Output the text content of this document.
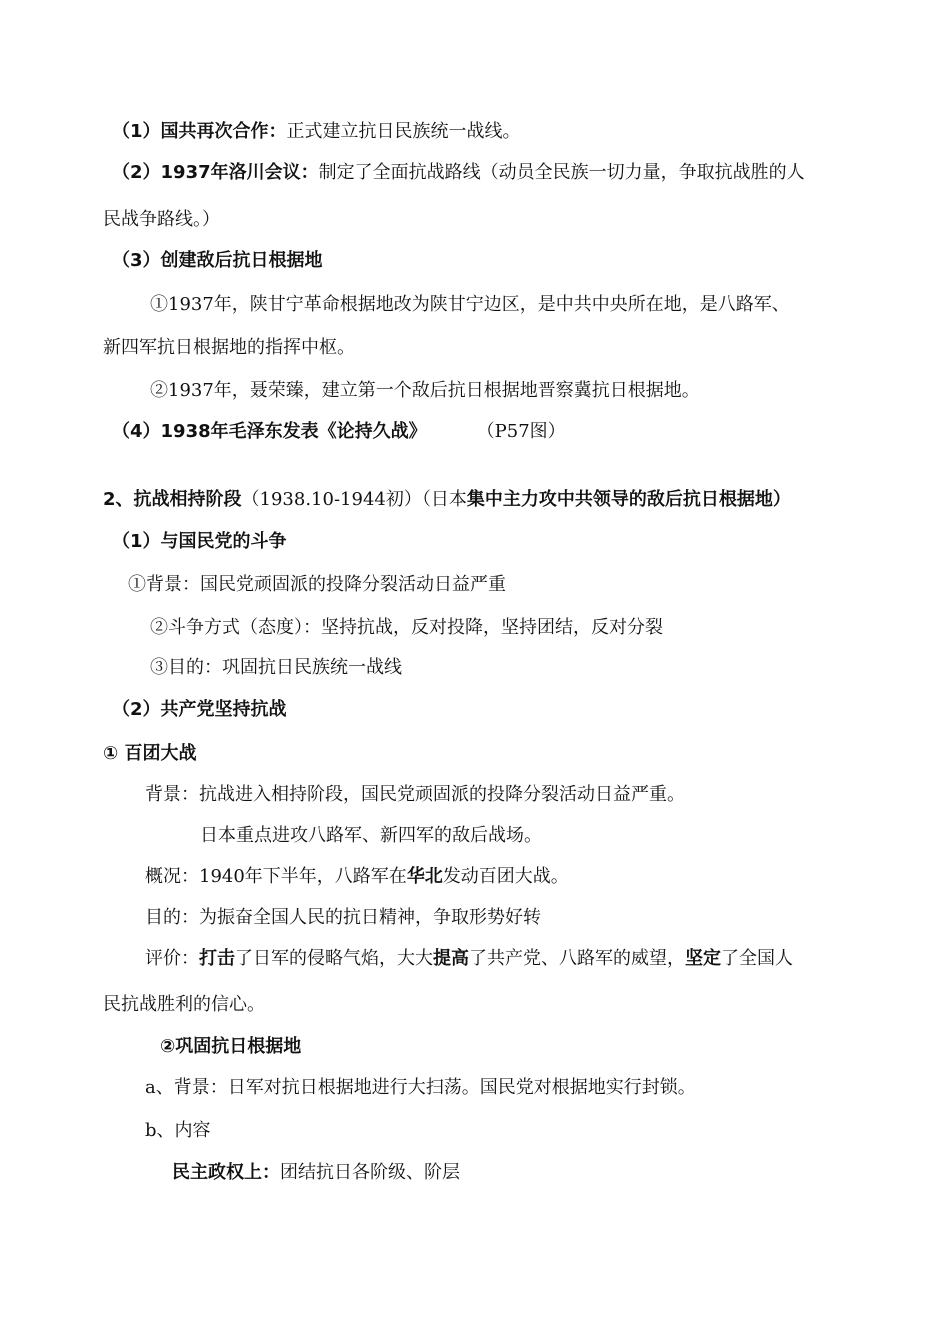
（1）国共再次合作：正式建立抗日民族统一战线。
（2）1937年洛川会议：制定了全面抗战路线（动员全民族一切力量，争取抗战胜的人
民战争路线。）
（3）创建敌后抗日根据地
①1937年，陕甘宁革命根据地改为陕甘宁边区，是中共中央所在地，是八路军、
新四军抗日根据地的指挥中枢。
②1937年，聂荣臻，建立第一个敌后抗日根据地晋察冀抗日根据地。
（4）1938年毛泽东发表《论持久战》	（P57图）
2、抗战相持阶段（1938.10-1944初）（日本集中主力攻中共领导的敌后抗日根据地）
（1）与国民党的斗争
①背景：国民党顽固派的投降分裂活动日益严重
②斗争方式（态度）：坚持抗战，反对投降，坚持团结，反对分裂
③目的：巩固抗日民族统一战线
（2）共产党坚持抗战
① 百团大战
背景：抗战进入相持阶段，国民党顽固派的投降分裂活动日益严重。
日本重点进攻八路军、新四军的敌后战场。
概况：1940年下半年，八路军在华北发动百团大战。
目的：为振奋全国人民的抗日精神，争取形势好转
评价：打击了日军的侵略气焰，大大提高了共产党、八路军的威望，坚定了全国人
民抗战胜利的信心。
②巩固抗日根据地
a、背景：日军对抗日根据地进行大扫荡。国民党对根据地实行封锁。
b、内容
民主政权上：团结抗日各阶级、阶层
